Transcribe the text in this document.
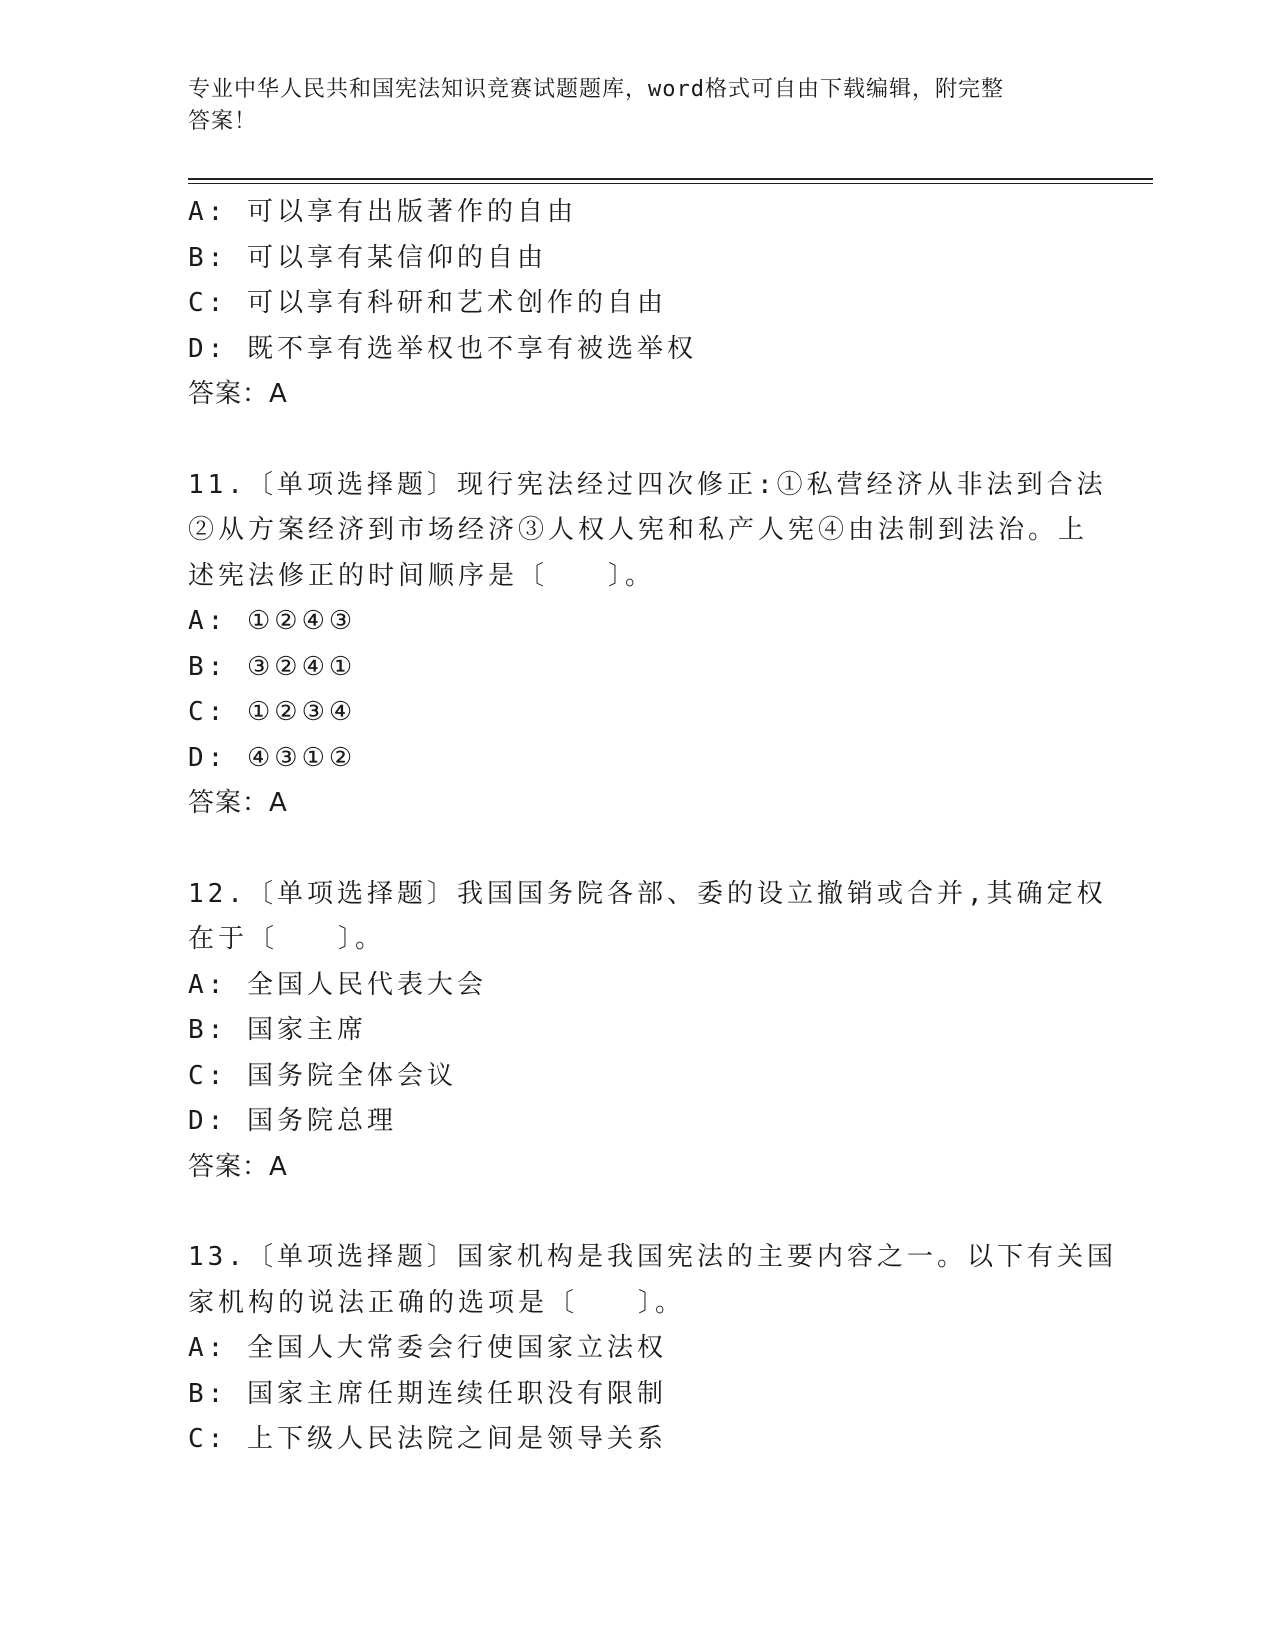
专业中华人民共和国宪法知识竞赛试题题库，word格式可自由下载编辑，附完整
答案！
A: 可以享有出版著作的自由
B: 可以享有某信仰的自由
C: 可以享有科研和艺术创作的自由
D: 既不享有选举权也不享有被选举权
答案：A
11.〔单项选择题〕现行宪法经过四次修正:①私营经济从非法到合法
②从方案经济到市场经济③人权人宪和私产人宪④由法制到法治。上
述宪法修正的时间顺序是〔　　〕。
A: ①②④③
B: ③②④①
C: ①②③④
D: ④③①②
答案：A
12.〔单项选择题〕我国国务院各部、委的设立撤销或合并,其确定权
在于〔　　〕。
A: 全国人民代表大会
B: 国家主席
C: 国务院全体会议
D: 国务院总理
答案：A
13.〔单项选择题〕国家机构是我国宪法的主要内容之一。以下有关国
家机构的说法正确的选项是〔　　〕。
A: 全国人大常委会行使国家立法权
B: 国家主席任期连续任职没有限制
C: 上下级人民法院之间是领导关系
